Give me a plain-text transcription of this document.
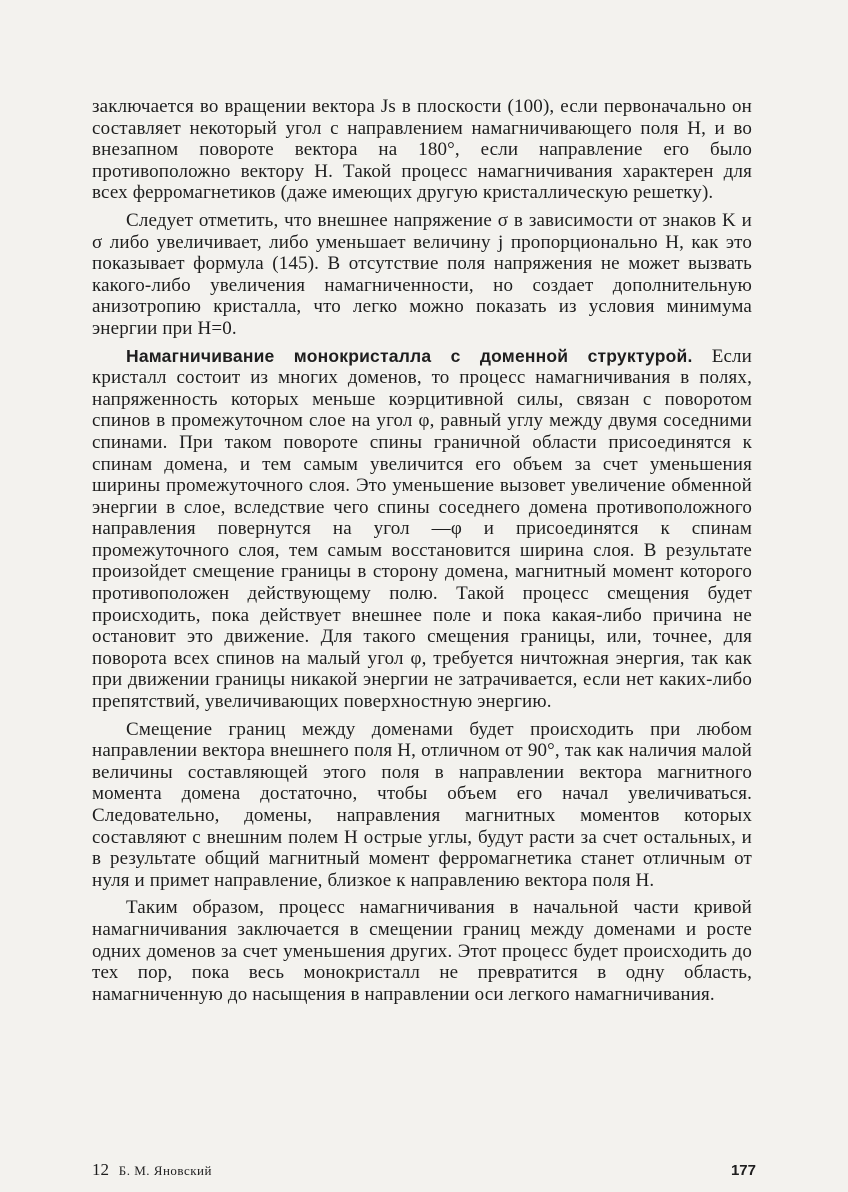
заключается во вращении вектора Js в плоскости (100), если первоначально он составляет некоторый угол с направлением намагничивающего поля H, и во внезапном повороте вектора на 180°, если направление его было противоположно вектору H. Такой процесс намагничивания характерен для всех ферромагнетиков (даже имеющих другую кристаллическую решетку).

Следует отметить, что внешнее напряжение σ в зависимости от знаков K и σ либо увеличивает, либо уменьшает величину j пропорционально H, как это показывает формула (145). В отсутствие поля напряжения не может вызвать какого-либо увеличения намагниченности, но создает дополнительную анизотропию кристалла, что легко можно показать из условия минимума энергии при H=0.

Намагничивание монокристалла с доменной структурой. Если кристалл состоит из многих доменов, то процесс намагничивания в полях, напряженность которых меньше коэрцитивной силы, связан с поворотом спинов в промежуточном слое на угол φ, равный углу между двумя соседними спинами. При таком повороте спины граничной области присоединятся к спинам домена, и тем самым увеличится его объем за счет уменьшения ширины промежуточного слоя. Это уменьшение вызовет увеличение обменной энергии в слое, вследствие чего спины соседнего домена противоположного направления повернутся на угол —φ и присоединятся к спинам промежуточного слоя, тем самым восстановится ширина слоя. В результате произойдет смещение границы в сторону домена, магнитный момент которого противоположен действующему полю. Такой процесс смещения будет происходить, пока действует внешнее поле и пока какая-либо причина не остановит это движение. Для такого смещения границы, или, точнее, для поворота всех спинов на малый угол φ, требуется ничтожная энергия, так как при движении границы никакой энергии не затрачивается, если нет каких-либо препятствий, увеличивающих поверхностную энергию.

Смещение границ между доменами будет происходить при любом направлении вектора внешнего поля H, отличном от 90°, так как наличия малой величины составляющей этого поля в направлении вектора магнитного момента домена достаточно, чтобы объем его начал увеличиваться. Следовательно, домены, направления магнитных моментов которых составляют с внешним полем H острые углы, будут расти за счет остальных, и в результате общий магнитный момент ферромагнетика станет отличным от нуля и примет направление, близкое к направлению вектора поля H.

Таким образом, процесс намагничивания в начальной части кривой намагничивания заключается в смещении границ между доменами и росте одних доменов за счет уменьшения других. Этот процесс будет происходить до тех пор, пока весь монокристалл не превратится в одну область, намагниченную до насыщения в направлении оси легкого намагничивания.

12 Б. М. Яновский	177
